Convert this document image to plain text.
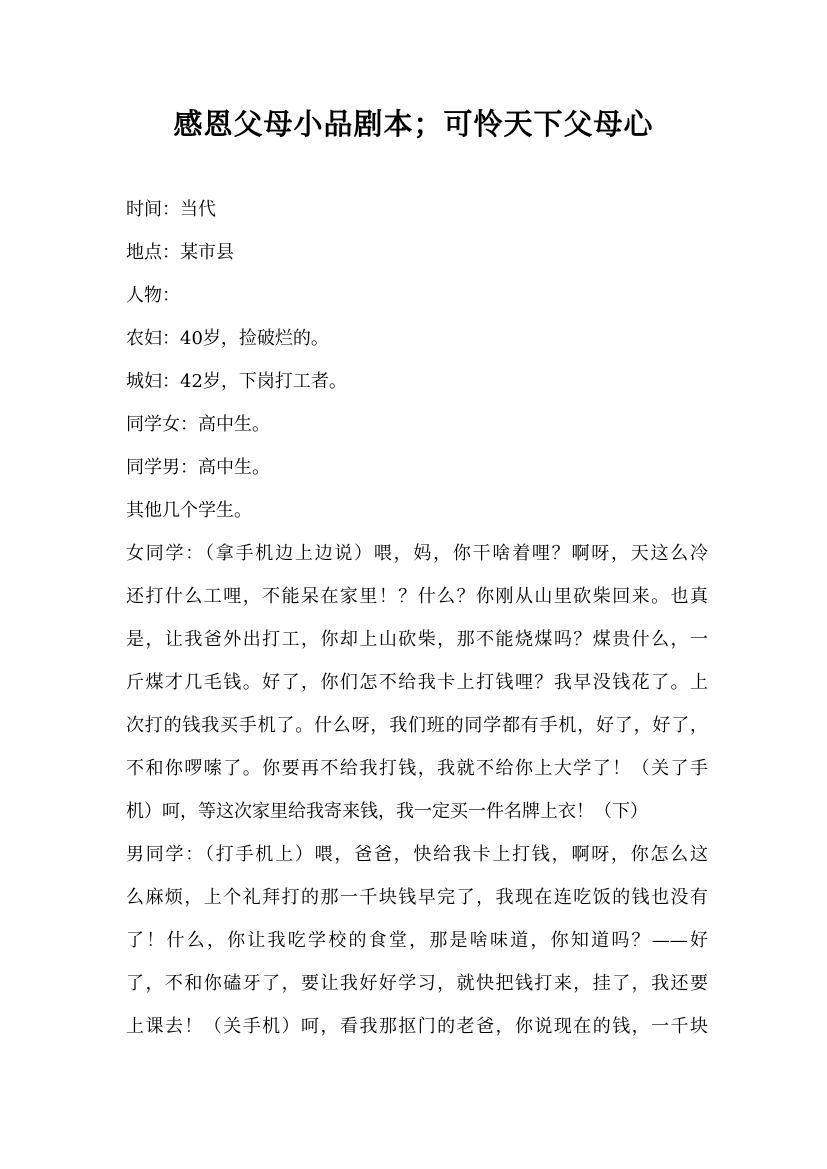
感恩父母小品剧本；可怜天下父母心
时间：当代
地点：某市县
人物：
农妇：40岁，捡破烂的。
城妇：42岁，下岗打工者。
同学女：高中生。
同学男：高中生。
其他几个学生。
女同学：（拿手机边上边说）喂，妈，你干啥着哩？啊呀，天这么冷
还打什么工哩，不能呆在家里！？什么？你刚从山里砍柴回来。也真
是，让我爸外出打工，你却上山砍柴，那不能烧煤吗？煤贵什么，一
斤煤才几毛钱。好了，你们怎不给我卡上打钱哩？我早没钱花了。上
次打的钱我买手机了。什么呀，我们班的同学都有手机，好了，好了，
不和你啰嗦了。你要再不给我打钱，我就不给你上大学了！（关了手
机）呵，等这次家里给我寄来钱，我一定买一件名牌上衣！（下）
男同学：（打手机上）喂，爸爸，快给我卡上打钱，啊呀，你怎么这
么麻烦，上个礼拜打的那一千块钱早完了，我现在连吃饭的钱也没有
了！什么，你让我吃学校的食堂，那是啥味道，你知道吗？——好
了，不和你磕牙了，要让我好好学习，就快把钱打来，挂了，我还要
上课去！（关手机）呵，看我那抠门的老爸，你说现在的钱，一千块
